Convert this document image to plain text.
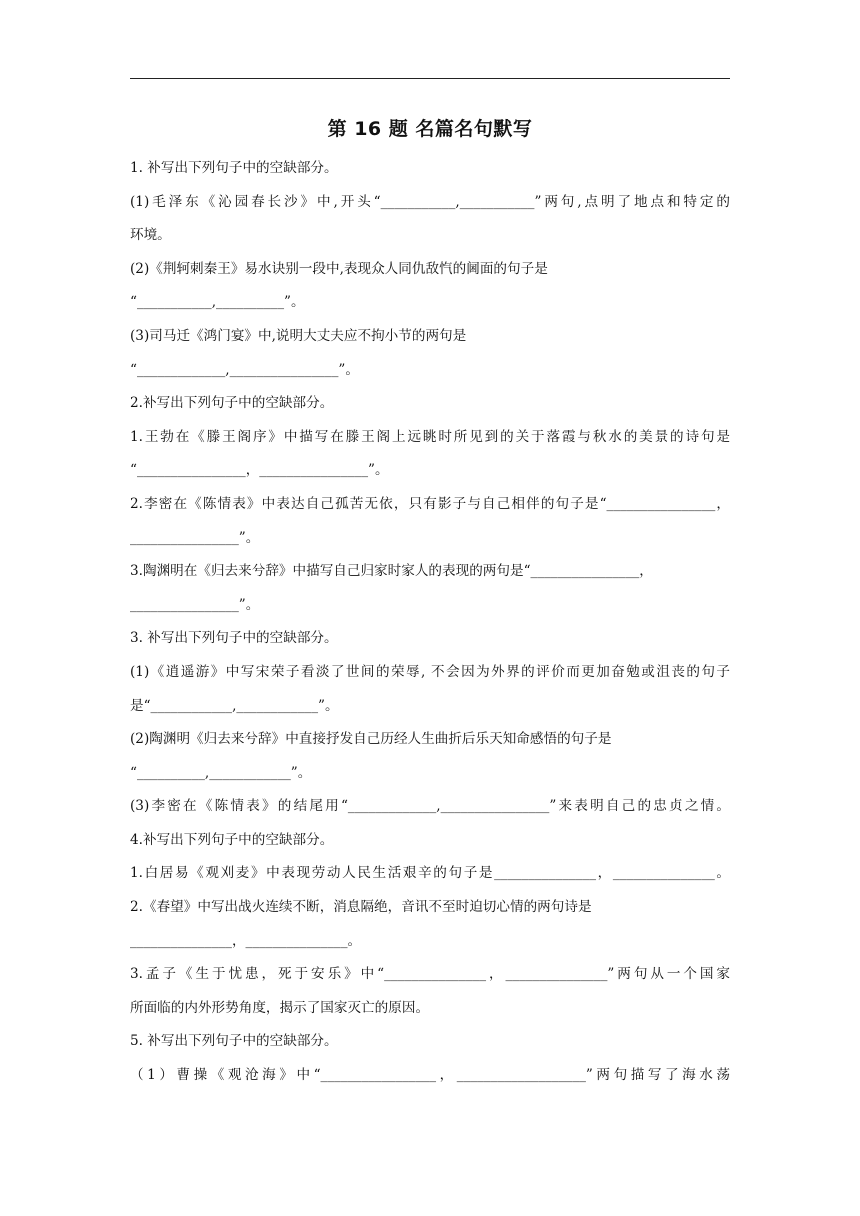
第 16 题 名篇名句默写
1. 补写出下列句子中的空缺部分。
(1)毛泽东《沁园春长沙》中,开头“___________,___________”两句,点明了地点和特定的
环境。
(2)《荆轲刺秦王》易水诀别一段中,表现众人同仇敌忾的阃面的句子是
“___________,__________”。
(3)司马迁《鸿门宴》中,说明大丈夫应不拘小节的两句是
“_____________,________________”。
2.补写出下列句子中的空缺部分。
1.王勃在《滕王阁序》中描写在滕王阁上远眺时所见到的关于落霞与秋水的美景的诗句是
“________________，________________”。
2.李密在《陈情表》中表达自己孤苦无依，只有影子与自己相伴的句子是“________________，
________________”。
3.陶渊明在《归去来兮辞》中描写自己归家时家人的表现的两句是“________________，
________________”。
3. 补写出下列句子中的空缺部分。
(1)《逍遥游》中写宋荣子看淡了世间的荣辱, 不会因为外界的评价而更加奋勉或沮丧的句子
是“____________,____________”。
(2)陶渊明《归去来兮辞》中直接抒发自己历经人生曲折后乐天知命感悟的句子是
“__________,____________”。
(3)李密在《陈情表》的结尾用“_____________,________________”来表明自己的忠贞之情。
4.补写出下列句子中的空缺部分。
1.白居易《观刈麦》中表现劳动人民生活艰辛的句子是_______________，_______________。
2.《春望》中写出战火连续不断，消息隔绝，音讯不至时迫切心情的两句诗是
_______________，_______________。
3.孟子《生于忧患，死于安乐》中“_______________，_______________”两句从一个国家
所面临的内外形势角度，揭示了国家灭亡的原因。
5. 补写出下列句子中的空缺部分。
（1）曹操《观沧海》中“_________________，___________________”两句描写了海水荡
